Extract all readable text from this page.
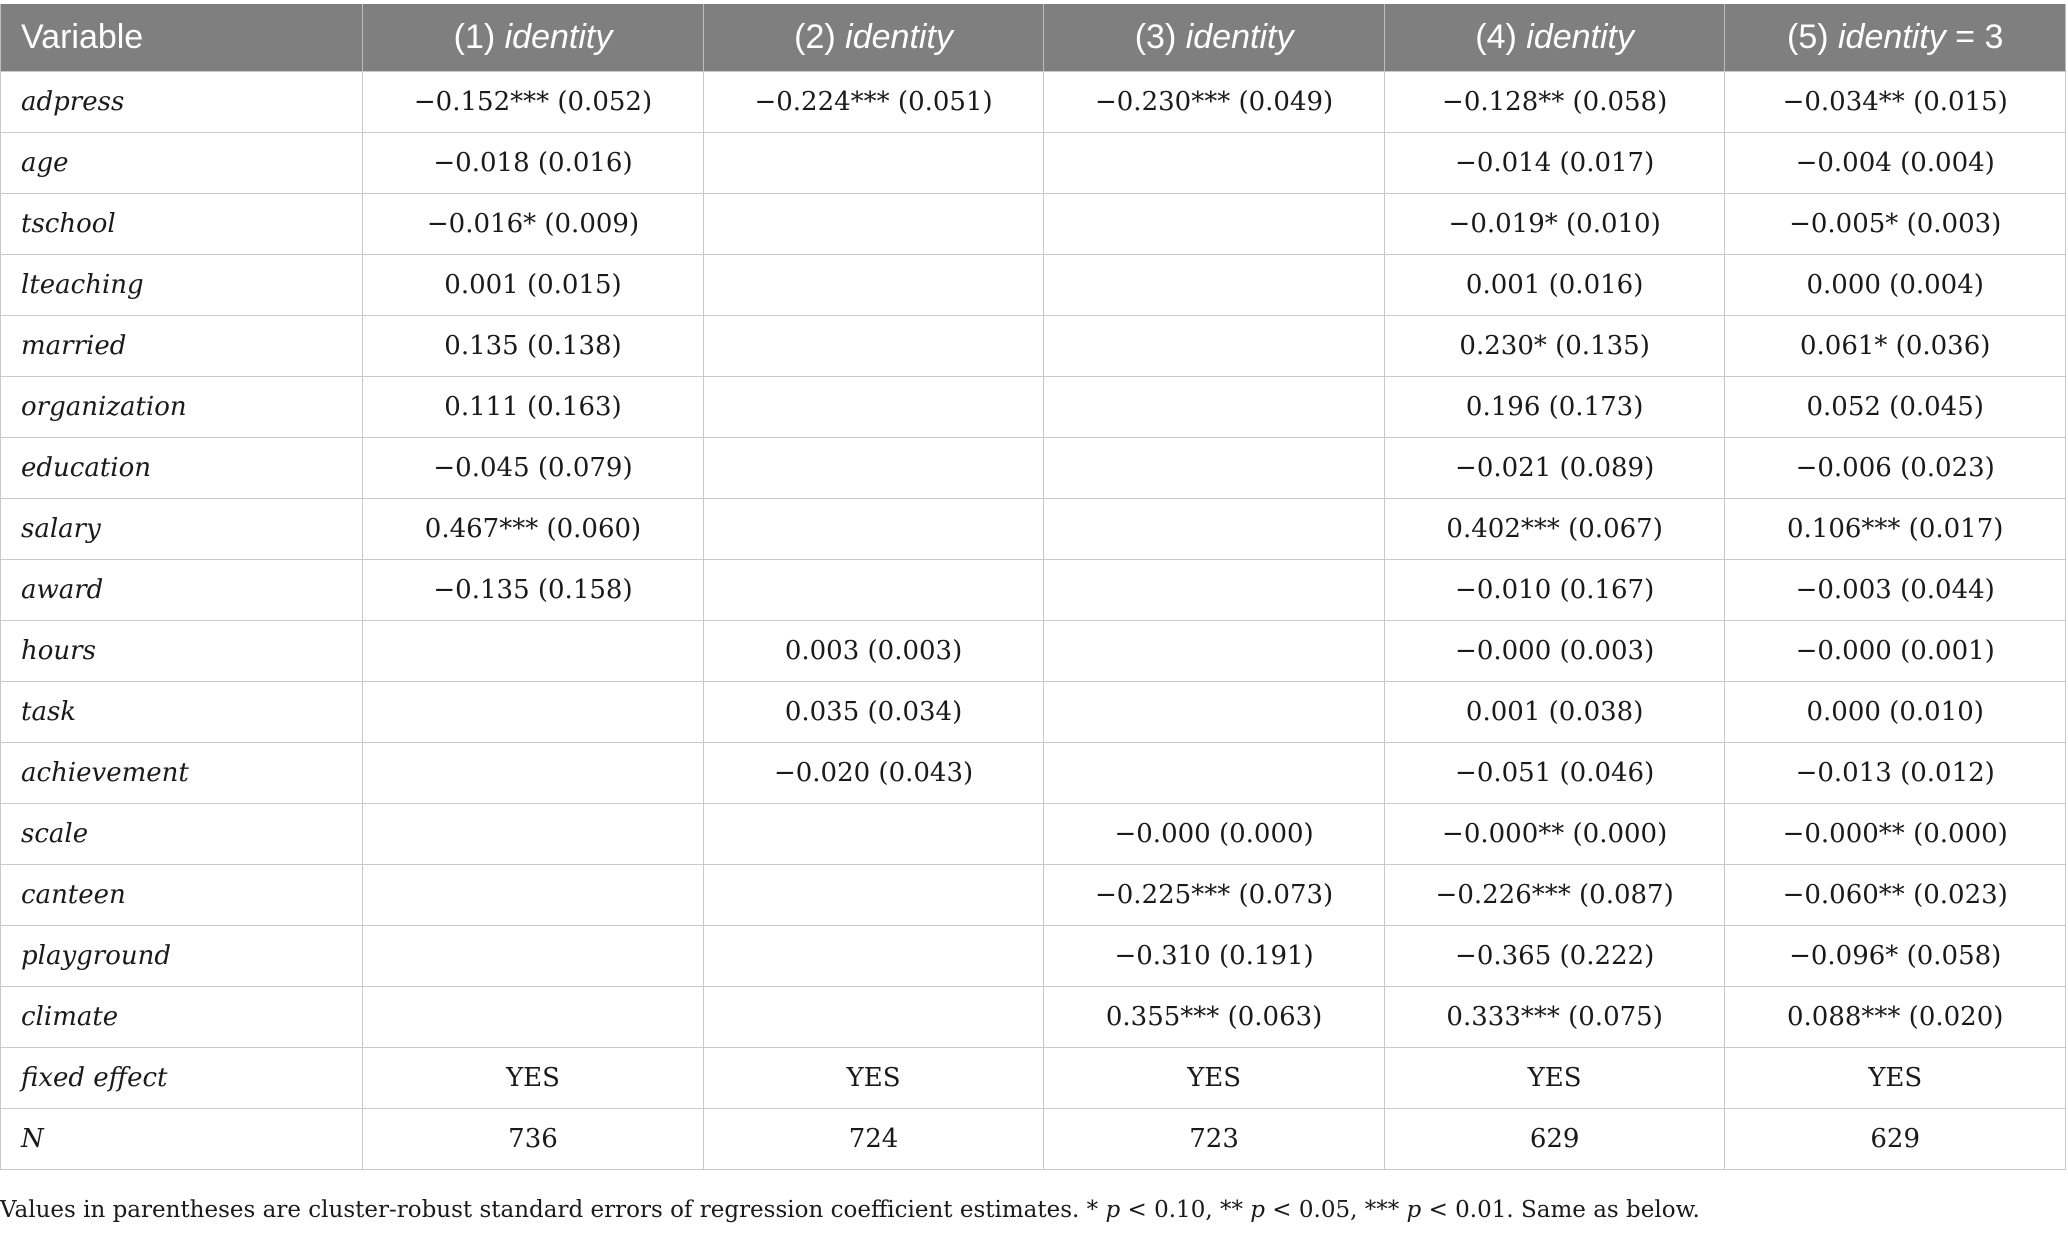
Variable	(1) identity	(2) identity	(3) identity	(4) identity	(5) identity = 3
adpress	−0.152*** (0.052)	−0.224*** (0.051)	−0.230*** (0.049)	−0.128** (0.058)	−0.034** (0.015)
age	−0.018 (0.016)			−0.014 (0.017)	−0.004 (0.004)
tschool	−0.016* (0.009)			−0.019* (0.010)	−0.005* (0.003)
lteaching	0.001 (0.015)			0.001 (0.016)	0.000 (0.004)
married	0.135 (0.138)			0.230* (0.135)	0.061* (0.036)
organization	0.111 (0.163)			0.196 (0.173)	0.052 (0.045)
education	−0.045 (0.079)			−0.021 (0.089)	−0.006 (0.023)
salary	0.467*** (0.060)			0.402*** (0.067)	0.106*** (0.017)
award	−0.135 (0.158)			−0.010 (0.167)	−0.003 (0.044)
hours		0.003 (0.003)		−0.000 (0.003)	−0.000 (0.001)
task		0.035 (0.034)		0.001 (0.038)	0.000 (0.010)
achievement		−0.020 (0.043)		−0.051 (0.046)	−0.013 (0.012)
scale			−0.000 (0.000)	−0.000** (0.000)	−0.000** (0.000)
canteen			−0.225*** (0.073)	−0.226*** (0.087)	−0.060** (0.023)
playground			−0.310 (0.191)	−0.365 (0.222)	−0.096* (0.058)
climate			0.355*** (0.063)	0.333*** (0.075)	0.088*** (0.020)
fixed effect	YES	YES	YES	YES	YES
N	736	724	723	629	629
Values in parentheses are cluster-robust standard errors of regression coefficient estimates. * p < 0.10, ** p < 0.05, *** p < 0.01. Same as below.
